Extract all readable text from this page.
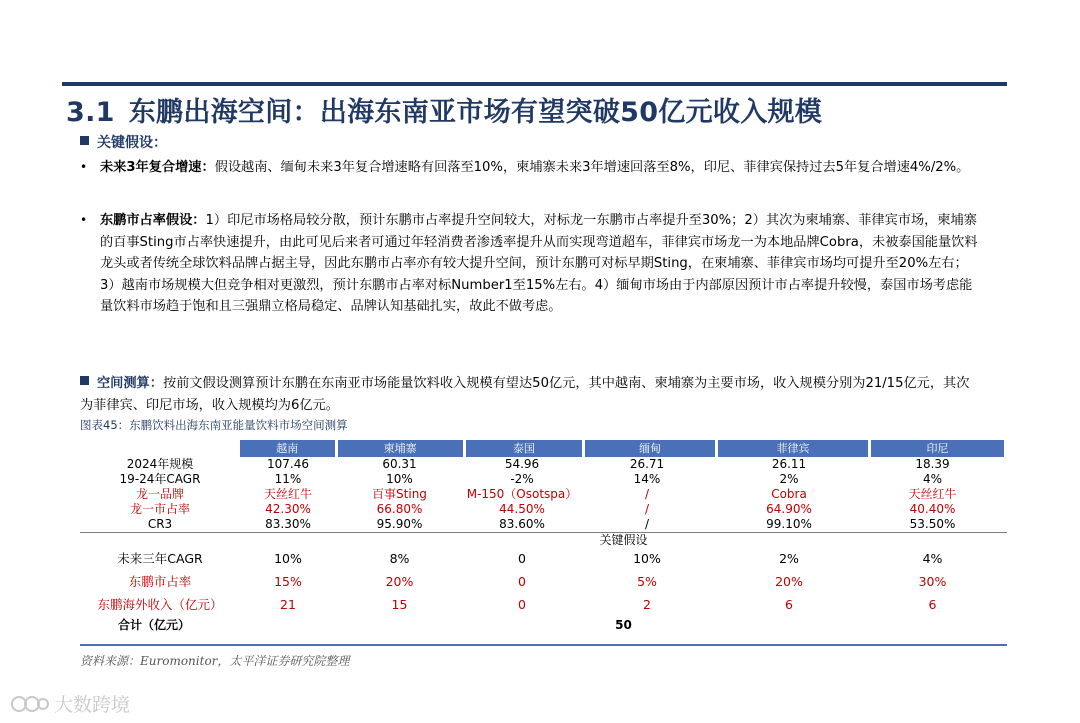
3.1 东鹏出海空间：出海东南亚市场有望突破50亿元收入规模
关键假设：
• 未来3年复合增速：假设越南、缅甸未来3年复合增速略有回落至10%，柬埔寨未来3年增速回落至8%，印尼、菲律宾保持过去5年复合增速4%/2%。
• 东鹏市占率假设：1）印尼市场格局较分散，预计东鹏市占率提升空间较大，对标龙一东鹏市占率提升至30%；2）其次为柬埔寨、菲律宾市场，柬埔寨的百事Sting市占率快速提升，由此可见后来者可通过年轻消费者渗透率提升从而实现弯道超车，菲律宾市场龙一为本地品牌Cobra，未被泰国能量饮料龙头或者传统全球饮料品牌占据主导，因此东鹏市占率亦有较大提升空间，预计东鹏可对标早期Sting，在柬埔寨、菲律宾市场均可提升至20%左右；3）越南市场规模大但竞争相对更激烈，预计东鹏市占率对标Number1至15%左右。4）缅甸市场由于内部原因预计市占率提升较慢，泰国市场考虑能量饮料市场趋于饱和且三强鼎立格局稳定、品牌认知基础扎实，故此不做考虑。
空间测算：按前文假设测算预计东鹏在东南亚市场能量饮料收入规模有望达50亿元，其中越南、柬埔寨为主要市场，收入规模分别为21/15亿元，其次为菲律宾、印尼市场，收入规模均为6亿元。
图表45：东鹏饮料出海东南亚能量饮料市场空间测算
越南	柬埔寨	泰国	缅甸	菲律宾	印尼
2024年规模	107.46	60.31	54.96	26.71	26.11	18.39
19-24年CAGR	11%	10%	-2%	14%	2%	4%
龙一品牌	天丝红牛	百事Sting	M-150（Osotspa）	/	Cobra	天丝红牛
龙一市占率	42.30%	66.80%	44.50%	/	64.90%	40.40%
CR3	83.30%	95.90%	83.60%	/	99.10%	53.50%
关键假设
未来三年CAGR	10%	8%	0	10%	2%	4%
东鹏市占率	15%	20%	0	5%	20%	30%
东鹏海外收入（亿元）	21	15	0	2	6	6
合计（亿元）	50
资料来源：Euromonitor，太平洋证券研究院整理
大数跨境
